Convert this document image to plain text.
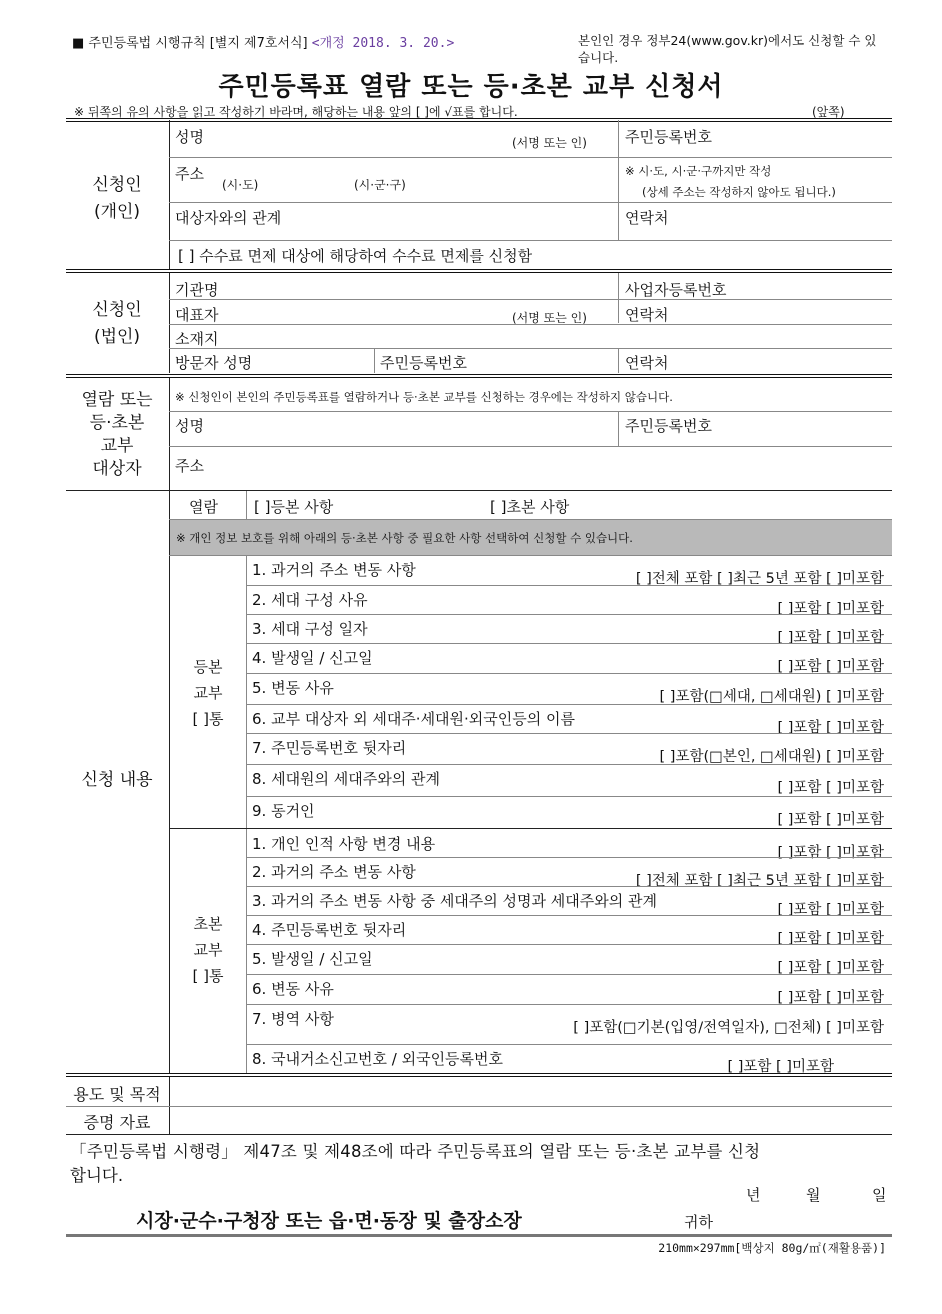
■ 주민등록법 시행규칙 [별지 제7호서식] <개정 2018. 3. 20.>	본인인 경우 정부24(www.gov.kr)에서도 신청할 수 있습니다.
주민등록표 열람 또는 등·초본 교부 신청서
※ 뒤쪽의 유의 사항을 읽고 작성하기 바라며, 해당하는 내용 앞의 [ ]에 √표를 합니다.	(앞쪽)
신청인
(개인)
성명	(서명 또는 인)	주민등록번호
주소
(시·도)	(시·군·구)
※ 시·도, 시·군·구까지만 작성
(상세 주소는 작성하지 않아도 됩니다.)
대상자와의 관계	연락처
[ ] 수수료 면제 대상에 해당하여 수수료 면제를 신청함
신청인
(법인)
기관명	사업자등록번호
대표자	(서명 또는 인)	연락처
소재지
방문자 성명	주민등록번호	연락처
열람 또는
등·초본
교부
대상자
※ 신청인이 본인의 주민등록표를 열람하거나 등·초본 교부를 신청하는 경우에는 작성하지 않습니다.
성명	주민등록번호
주소
신청 내용
열람 [ ]등본 사항	[ ]초본 사항
※ 개인 정보 보호를 위해 아래의 등·초본 사항 중 필요한 사항 선택하여 신청할 수 있습니다.
등본
교부
[ ]통
1. 과거의 주소 변동 사항	[ ]전체 포함 [ ]최근 5년 포함 [ ]미포함
2. 세대 구성 사유	[ ]포함 [ ]미포함
3. 세대 구성 일자	[ ]포함 [ ]미포함
4. 발생일 / 신고일	[ ]포함 [ ]미포함
5. 변동 사유	[ ]포함(□세대, □세대원) [ ]미포함
6. 교부 대상자 외 세대주·세대원·외국인등의 이름	[ ]포함 [ ]미포함
7. 주민등록번호 뒷자리	[ ]포함(□본인, □세대원) [ ]미포함
8. 세대원의 세대주와의 관계	[ ]포함 [ ]미포함
9. 동거인	[ ]포함 [ ]미포함
초본
교부
[ ]통
1. 개인 인적 사항 변경 내용	[ ]포함 [ ]미포함
2. 과거의 주소 변동 사항	[ ]전체 포함 [ ]최근 5년 포함 [ ]미포함
3. 과거의 주소 변동 사항 중 세대주의 성명과 세대주와의 관계	[ ]포함 [ ]미포함
4. 주민등록번호 뒷자리	[ ]포함 [ ]미포함
5. 발생일 / 신고일	[ ]포함 [ ]미포함
6. 변동 사유	[ ]포함 [ ]미포함
7. 병역 사항	[ ]포함(□기본(입영/전역일자), □전체) [ ]미포함
8. 국내거소신고번호 / 외국인등록번호	[ ]포함 [ ]미포함
용도 및 목적
증명 자료
「주민등록법 시행령」 제47조 및 제48조에 따라 주민등록표의 열람 또는 등·초본 교부를 신청
합니다.
년	월	일
시장·군수·구청장 또는 읍·면·동장 및 출장소장	귀하
210mm×297mm[백상지 80g/㎡(재활용품)]
